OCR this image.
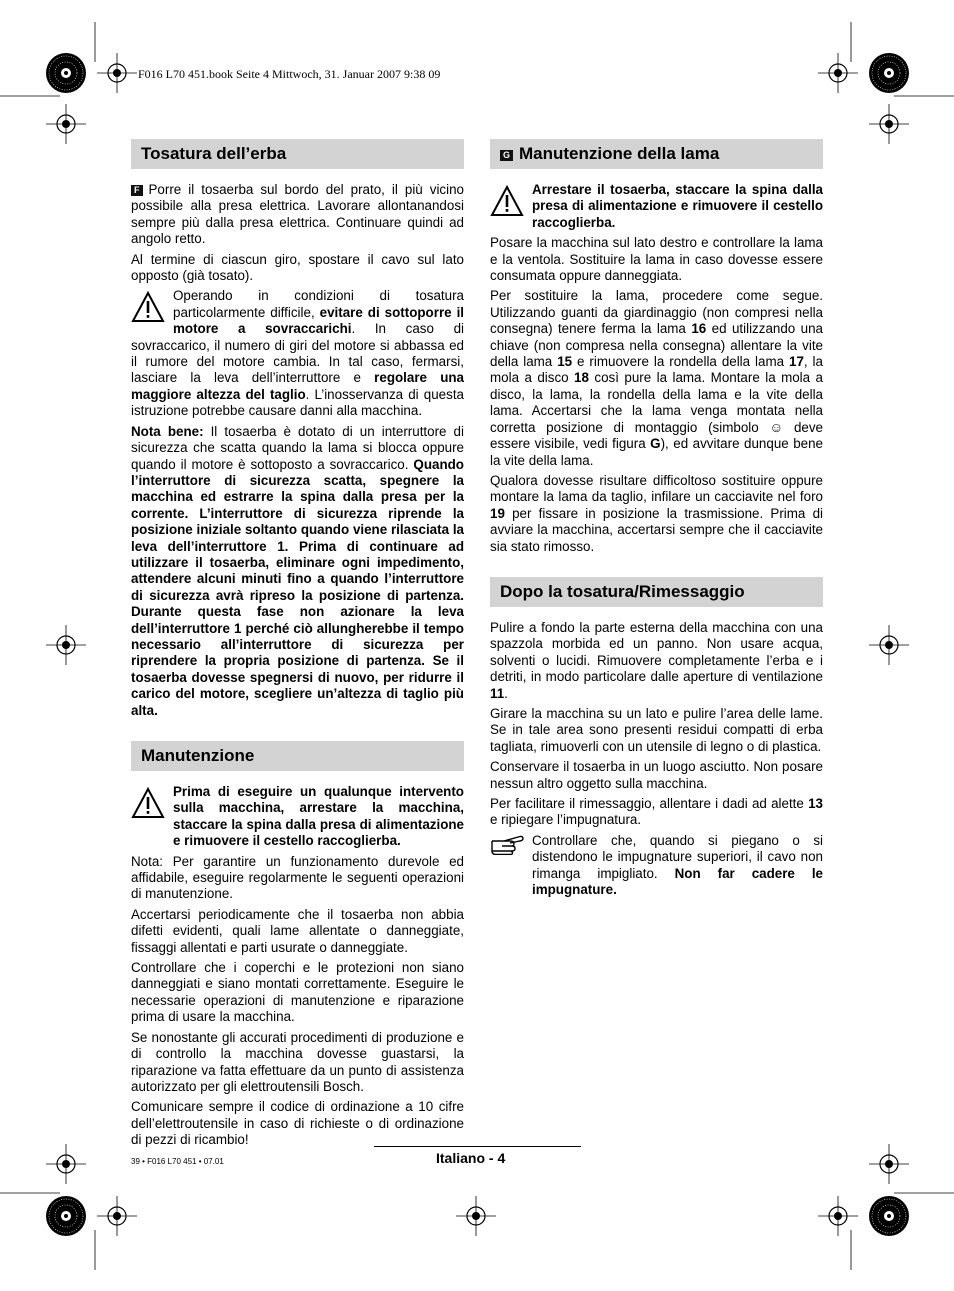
F016 L70 451.book Seite 4 Mittwoch, 31. Januar 2007 9:38 09
Tosatura dell’erba

F Porre il tosaerba sul bordo del prato, il più vicino possibile alla presa elettrica. Lavorare allontanandosi sempre più dalla presa elettrica. Continuare quindi ad angolo retto.

Al termine di ciascun giro, spostare il cavo sul lato opposto (già tosato).

Operando in condizioni di tosatura particolarmente difficile, evitare di sottoporre il motore a sovraccarichi. In caso di sovraccarico, il numero di giri del motore si abbassa ed il rumore del motore cambia. In tal caso, fermarsi, lasciare la leva dell’interruttore e regolare una maggiore altezza del taglio. L’inosservanza di questa istruzione potrebbe causare danni alla macchina.

Nota bene: Il tosaerba è dotato di un interruttore di sicurezza che scatta quando la lama si blocca oppure quando il motore è sottoposto a sovraccarico. Quando l’interruttore di sicurezza scatta, spegnere la macchina ed estrarre la spina dalla presa per la corrente. L’interruttore di sicurezza riprende la posizione iniziale soltanto quando viene rilasciata la leva dell’interruttore 1. Prima di continuare ad utilizzare il tosaerba, eliminare ogni impedimento, attendere alcuni minuti fino a quando l’interruttore di sicurezza avrà ripreso la posizione di partenza. Durante questa fase non azionare la leva dell’interruttore 1 perché ciò allungherebbe il tempo necessario all’interruttore di sicurezza per riprendere la propria posizione di partenza. Se il tosaerba dovesse spegnersi di nuovo, per ridurre il carico del motore, scegliere un’altezza di taglio più alta.

Manutenzione

Prima di eseguire un qualunque intervento sulla macchina, arrestare la macchina, staccare la spina dalla presa di alimentazione e rimuovere il cestello raccoglierba.

Nota: Per garantire un funzionamento durevole ed affidabile, eseguire regolarmente le seguenti operazioni di manutenzione.

Accertarsi periodicamente che il tosaerba non abbia difetti evidenti, quali lame allentate o danneggiate, fissaggi allentati e parti usurate o danneggiate.

Controllare che i coperchi e le protezioni non siano danneggiati e siano montati correttamente. Eseguire le necessarie operazioni di manutenzione e riparazione prima di usare la macchina.

Se nonostante gli accurati procedimenti di produzione e di controllo la macchina dovesse guastarsi, la riparazione va fatta effettuare da un punto di assistenza autorizzato per gli elettroutensili Bosch.

Comunicare sempre il codice di ordinazione a 10 cifre dell’elettroutensile in caso di richieste o di ordinazione di pezzi di ricambio!

G Manutenzione della lama

Arrestare il tosaerba, staccare la spina dalla presa di alimentazione e rimuovere il cestello raccoglierba.

Posare la macchina sul lato destro e controllare la lama e la ventola. Sostituire la lama in caso dovesse essere consumata oppure danneggiata.

Per sostituire la lama, procedere come segue. Utilizzando guanti da giardinaggio (non compresi nella consegna) tenere ferma la lama 16 ed utilizzando una chiave (non compresa nella consegna) allentare la vite della lama 15 e rimuovere la rondella della lama 17, la mola a disco 18 così pure la lama. Montare la mola a disco, la lama, la rondella della lama e la vite della lama. Accertarsi che la lama venga montata nella corretta posizione di montaggio (simbolo ☺ deve essere visibile, vedi figura G), ed avvitare dunque bene la vite della lama.

Qualora dovesse risultare difficoltoso sostituire oppure montare la lama da taglio, infilare un cacciavite nel foro 19 per fissare in posizione la trasmissione. Prima di avviare la macchina, accertarsi sempre che il cacciavite sia stato rimosso.

Dopo la tosatura/Rimessaggio

Pulire a fondo la parte esterna della macchina con una spazzola morbida ed un panno. Non usare acqua, solventi o lucidi. Rimuovere completamente l’erba e i detriti, in modo particolare dalle aperture di ventilazione 11.

Girare la macchina su un lato e pulire l’area delle lame. Se in tale area sono presenti residui compatti di erba tagliata, rimuoverli con un utensile di legno o di plastica.

Conservare il tosaerba in un luogo asciutto. Non posare nessun altro oggetto sulla macchina.

Per facilitare il rimessaggio, allentare i dadi ad alette 13 e ripiegare l’impugnatura.

Controllare che, quando si piegano o si distendono le impugnature superiori, il cavo non rimanga impigliato. Non far cadere le impugnature.

Italiano - 4
39 • F016 L70 451 • 07.01
